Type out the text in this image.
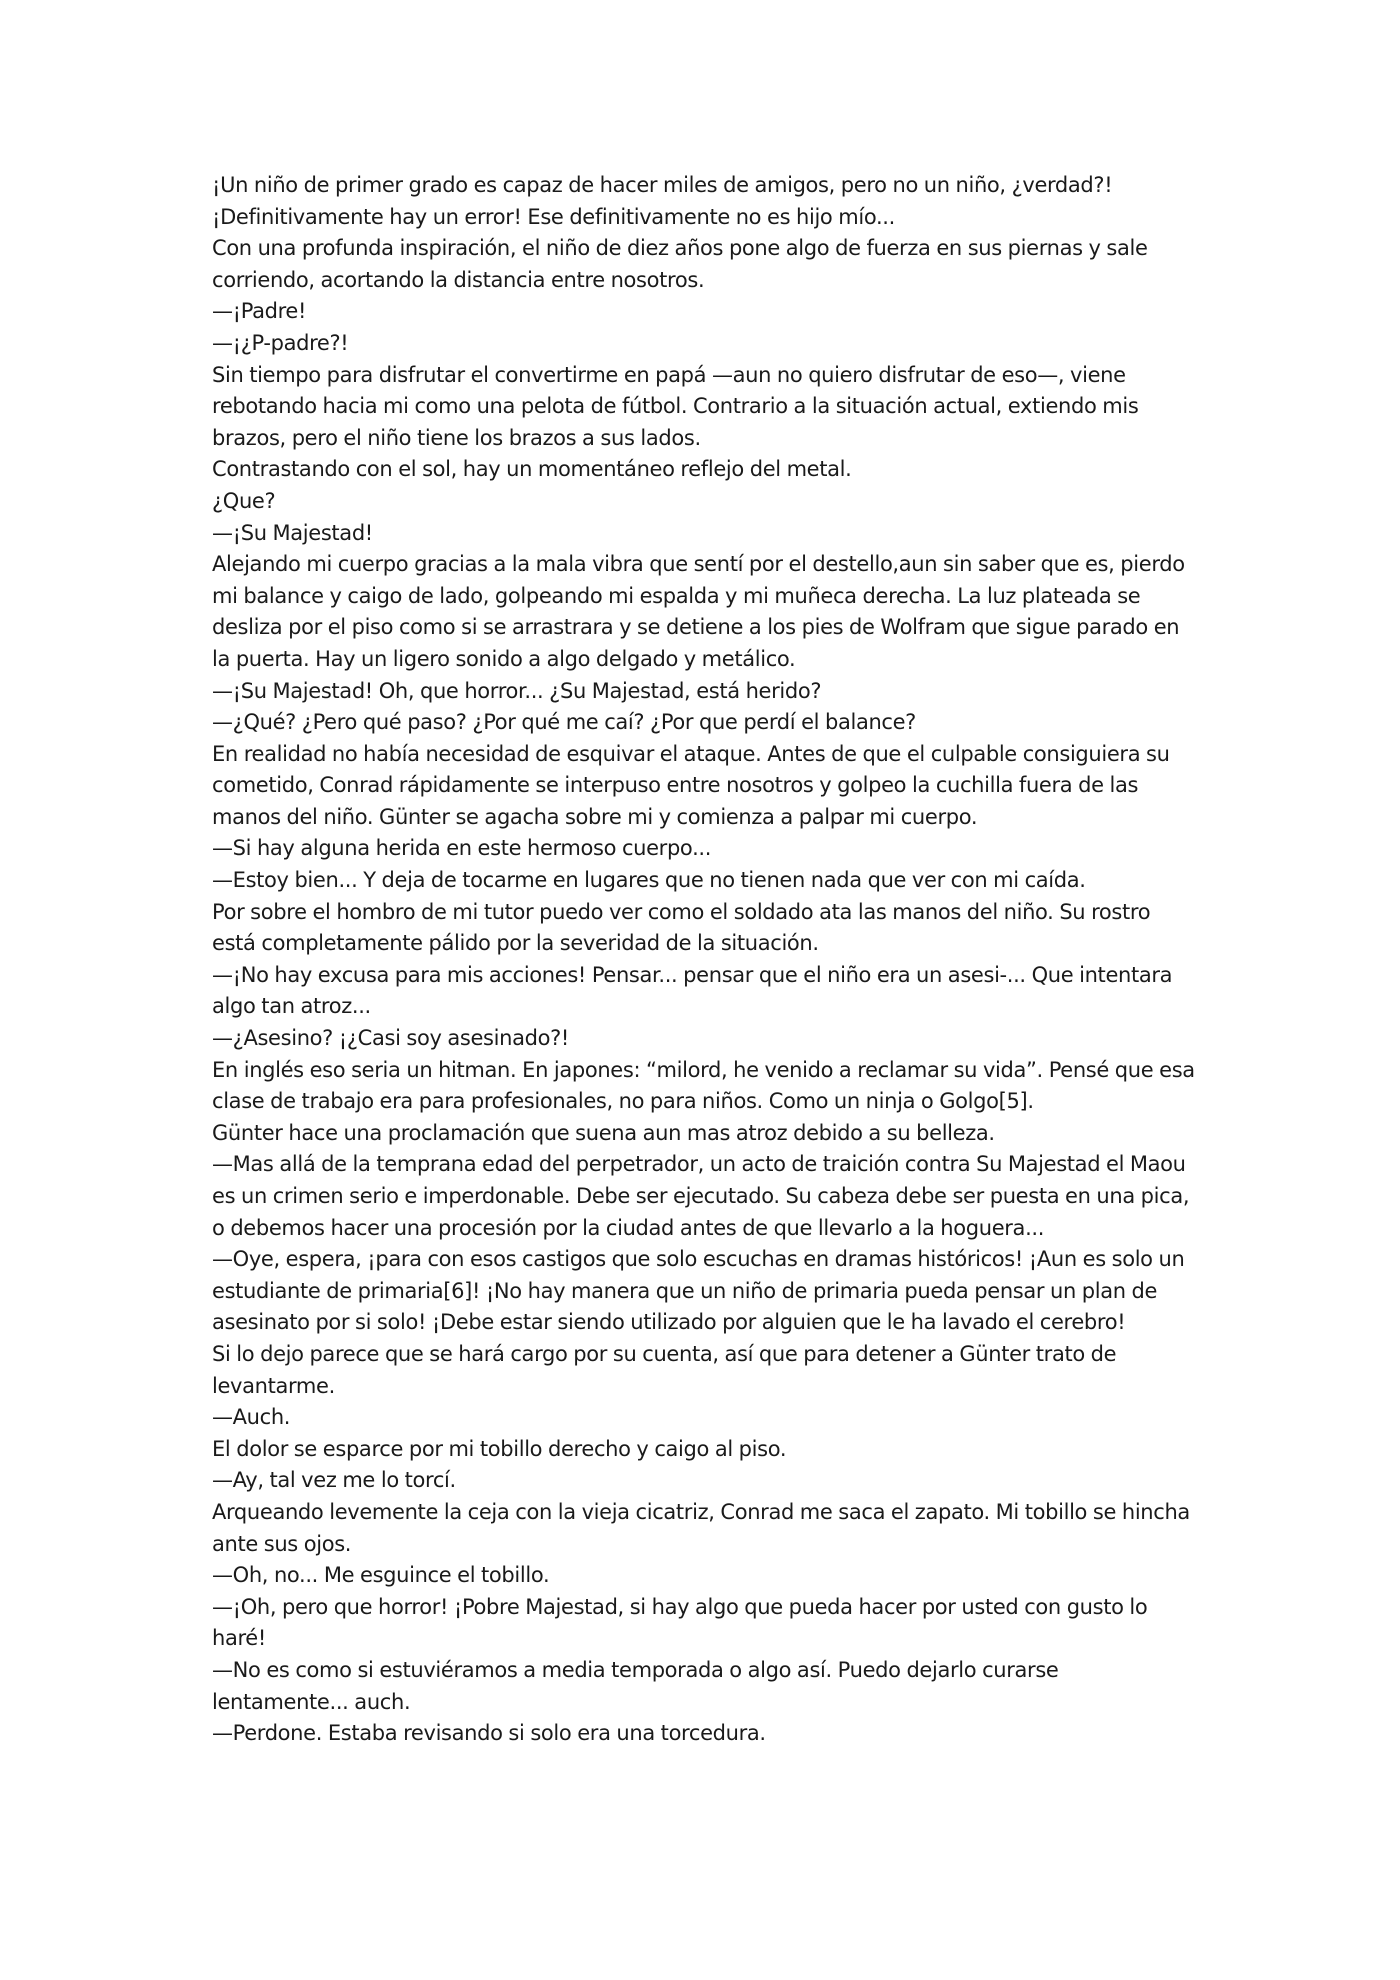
¡Un niño de primer grado es capaz de hacer miles de amigos, pero no un niño, ¿verdad?!

¡Definitivamente hay un error! Ese definitivamente no es hijo mío...

Con una profunda inspiración, el niño de diez años pone algo de fuerza en sus piernas y sale corriendo, acortando la distancia entre nosotros.

—¡Padre!

—¡¿P-padre?!

Sin tiempo para disfrutar el convertirme en papá —aun no quiero disfrutar de eso—, viene rebotando hacia mi como una pelota de fútbol. Contrario a la situación actual, extiendo mis brazos, pero el niño tiene los brazos a sus lados.

Contrastando con el sol, hay un momentáneo reflejo del metal.

¿Que?

—¡Su Majestad!

Alejando mi cuerpo gracias a la mala vibra que sentí por el destello,aun sin saber que es, pierdo mi balance y caigo de lado, golpeando mi espalda y mi muñeca derecha. La luz plateada se desliza por el piso como si se arrastrara y se detiene a los pies de Wolfram que sigue parado en la puerta. Hay un ligero sonido a algo delgado y metálico.

—¡Su Majestad! Oh, que horror... ¿Su Majestad, está herido?

—¿Qué? ¿Pero qué paso? ¿Por qué me caí? ¿Por que perdí el balance?

En realidad no había necesidad de esquivar el ataque. Antes de que el culpable consiguiera su cometido, Conrad rápidamente se interpuso entre nosotros y golpeo la cuchilla fuera de las manos del niño. Günter se agacha sobre mi y comienza a palpar mi cuerpo.

—Si hay alguna herida en este hermoso cuerpo...

—Estoy bien... Y deja de tocarme en lugares que no tienen nada que ver con mi caída.

Por sobre el hombro de mi tutor puedo ver como el soldado ata las manos del niño. Su rostro está completamente pálido por la severidad de la situación.

—¡No hay excusa para mis acciones! Pensar... pensar que el niño era un asesi-... Que intentara algo tan atroz...

—¿Asesino? ¡¿Casi soy asesinado?!

En inglés eso seria un hitman. En japones: “milord, he venido a reclamar su vida”. Pensé que esa clase de trabajo era para profesionales, no para niños. Como un ninja o Golgo[5].

Günter hace una proclamación que suena aun mas atroz debido a su belleza.

—Mas allá de la temprana edad del perpetrador, un acto de traición contra Su Majestad el Maou es un crimen serio e imperdonable. Debe ser ejecutado. Su cabeza debe ser puesta en una pica, o debemos hacer una procesión por la ciudad antes de que llevarlo a la hoguera...

—Oye, espera, ¡para con esos castigos que solo escuchas en dramas históricos! ¡Aun es solo un estudiante de primaria[6]! ¡No hay manera que un niño de primaria pueda pensar un plan de asesinato por si solo! ¡Debe estar siendo utilizado por alguien que le ha lavado el cerebro!

Si lo dejo parece que se hará cargo por su cuenta, así que para detener a Günter trato de levantarme.

—Auch.

El dolor se esparce por mi tobillo derecho y caigo al piso.

—Ay, tal vez me lo torcí.

Arqueando levemente la ceja con la vieja cicatriz, Conrad me saca el zapato. Mi tobillo se hincha ante sus ojos.

—Oh, no... Me esguince el tobillo.

—¡Oh, pero que horror! ¡Pobre Majestad, si hay algo que pueda hacer por usted con gusto lo haré!

—No es como si estuviéramos a media temporada o algo así. Puedo dejarlo curarse lentamente... auch.

—Perdone. Estaba revisando si solo era una torcedura.
